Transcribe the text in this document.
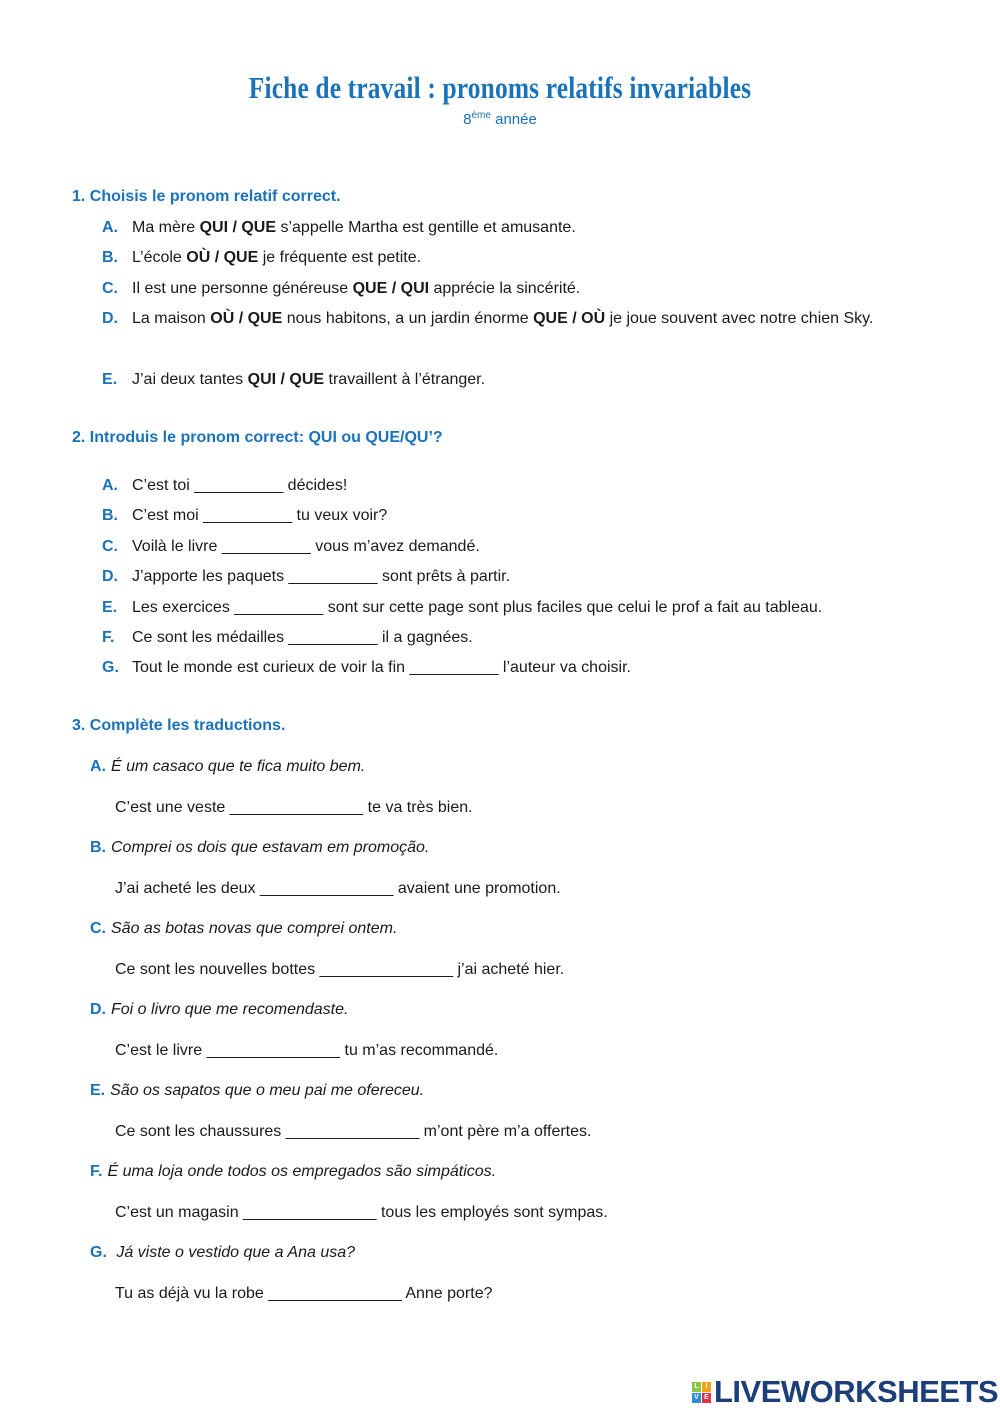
Fiche de travail : pronoms relatifs invariables
8ème année
1. Choisis le pronom relatif correct.
A. Ma mère QUI / QUE s’appelle Martha est gentille et amusante.
B. L’école OÙ / QUE je fréquente est petite.
C. Il est une personne généreuse QUE / QUI apprécie la sincérité.
D. La maison OÙ / QUE nous habitons, a un jardin énorme QUE / OÙ je joue souvent avec notre chien Sky.
E. J’ai deux tantes QUI / QUE travaillent à l’étranger.
2. Introduis le pronom correct: QUI ou QUE/QU’?
A. C’est toi __________ décides!
B. C’est moi __________ tu veux voir?
C. Voilà le livre __________ vous m’avez demandé.
D. J’apporte les paquets __________ sont prêts à partir.
E. Les exercices __________ sont sur cette page sont plus faciles que celui le prof a fait au tableau.
F. Ce sont les médailles __________ il a gagnées.
G. Tout le monde est curieux de voir la fin __________ l’auteur va choisir.
3. Complète les traductions.
A. É um casaco que te fica muito bem.
C’est une veste _______________ te va très bien.
B. Comprei os dois que estavam em promoção.
J’ai acheté les deux _______________ avaient une promotion.
C. São as botas novas que comprei ontem.
Ce sont les nouvelles bottes _______________ j’ai acheté hier.
D. Foi o livro que me recomendaste.
C’est le livre _______________ tu m’as recommandé.
E. São os sapatos que o meu pai me ofereceu.
Ce sont les chaussures _______________ m’ont père m’a offertes.
F. É uma loja onde todos os empregados são simpáticos.
C’est un magasin _______________ tous les employés sont sympas.
G. Já viste o vestido que a Ana usa?
Tu as déjà vu la robe _______________ Anne porte?
L I
V E LIVEWORKSHEETS
